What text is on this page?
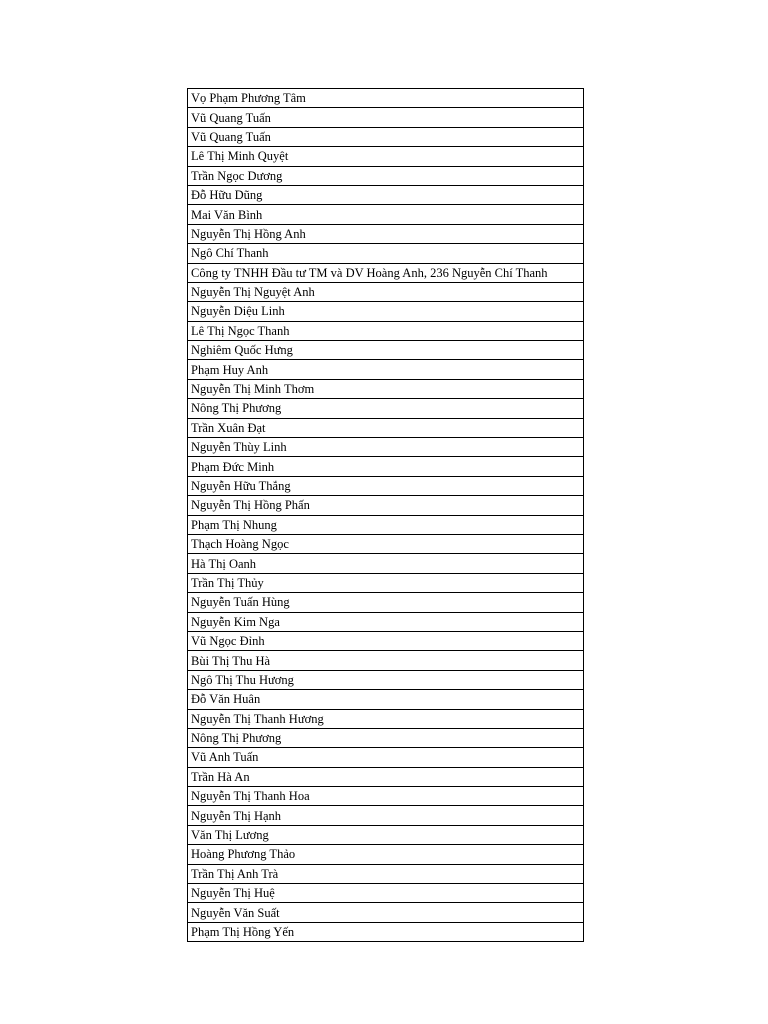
Vọ Phạm Phương Tâm
Vũ Quang Tuấn
Vũ Quang Tuấn
Lê Thị Minh Quyệt
Trần Ngọc Dương
Đỗ Hữu Dũng
Mai Văn Bình
Nguyễn Thị Hồng Anh
Ngô Chí Thanh
Công ty TNHH Đầu tư TM và DV Hoàng Anh, 236 Nguyễn Chí Thanh
Nguyễn Thị Nguyệt Anh
Nguyễn Diệu Linh
Lê Thị Ngọc Thanh
Nghiêm Quốc Hưng
Phạm Huy Anh
Nguyễn Thị Minh Thơm
Nông Thị Phương
Trần Xuân Đạt
Nguyễn Thùy Linh
Phạm Đức Minh
Nguyễn Hữu Thắng
Nguyễn Thị Hồng Phấn
Phạm Thị Nhung
Thạch Hoàng Ngọc
Hà Thị Oanh
Trần Thị Thủy
Nguyễn Tuấn Hùng
Nguyễn Kim Nga
Vũ Ngọc Đỉnh
Bùi Thị Thu Hà
Ngô Thị Thu Hương
Đỗ Văn Huân
Nguyễn Thị Thanh Hương
Nông Thị Phương
Vũ Anh Tuấn
Trần Hà An
Nguyễn Thị Thanh Hoa
Nguyễn Thị Hạnh
Văn Thị Lương
Hoàng Phương Thảo
Trần Thị Anh Trà
Nguyễn Thị Huệ
Nguyễn Văn Suất
Phạm Thị Hồng Yến
